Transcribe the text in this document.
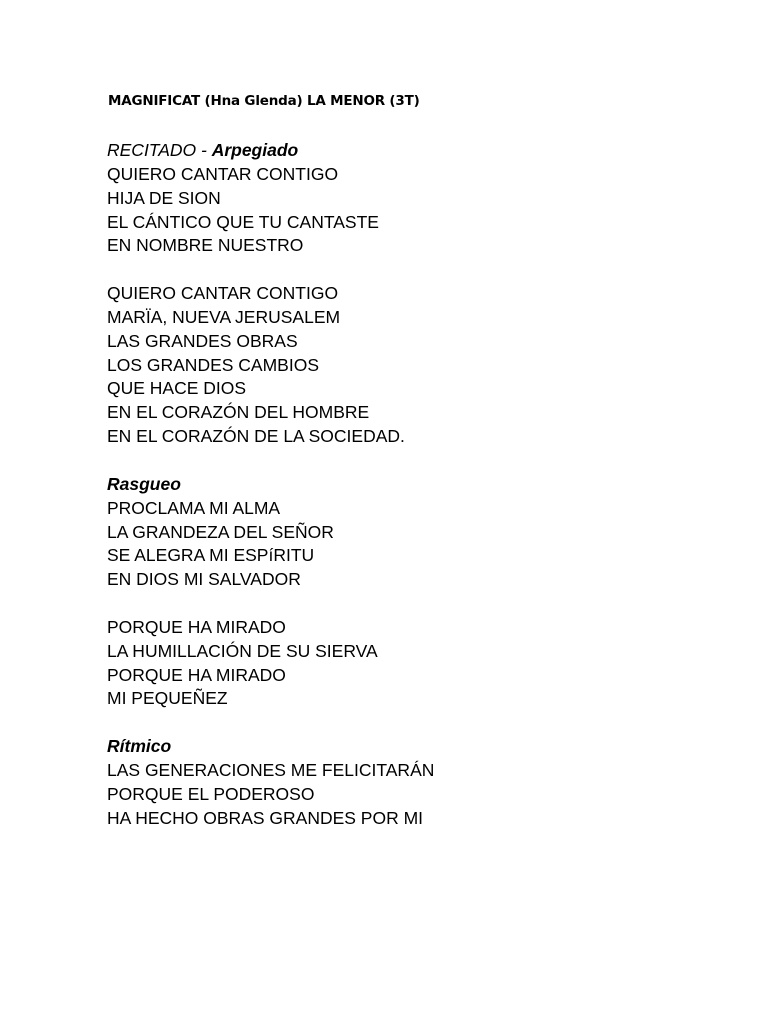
MAGNIFICAT (Hna Glenda) LA MENOR (3T)
RECITADO - Arpegiado
QUIERO CANTAR CONTIGO
HIJA DE SION
EL CÁNTICO QUE TU CANTASTE
EN NOMBRE NUESTRO
QUIERO CANTAR CONTIGO
MARÏA, NUEVA JERUSALEM
LAS GRANDES OBRAS
LOS GRANDES CAMBIOS
QUE HACE DIOS
EN EL CORAZÓN DEL HOMBRE
EN EL CORAZÓN DE LA SOCIEDAD.
Rasgueo
PROCLAMA MI ALMA
LA GRANDEZA DEL SEÑOR
SE ALEGRA MI ESPíRITU
EN DIOS MI SALVADOR
PORQUE HA MIRADO
LA HUMILLACIÓN DE SU SIERVA
PORQUE HA MIRADO
MI PEQUEÑEZ
Rítmico
LAS GENERACIONES ME FELICITARÁN
PORQUE EL PODEROSO
HA HECHO OBRAS GRANDES POR MI
